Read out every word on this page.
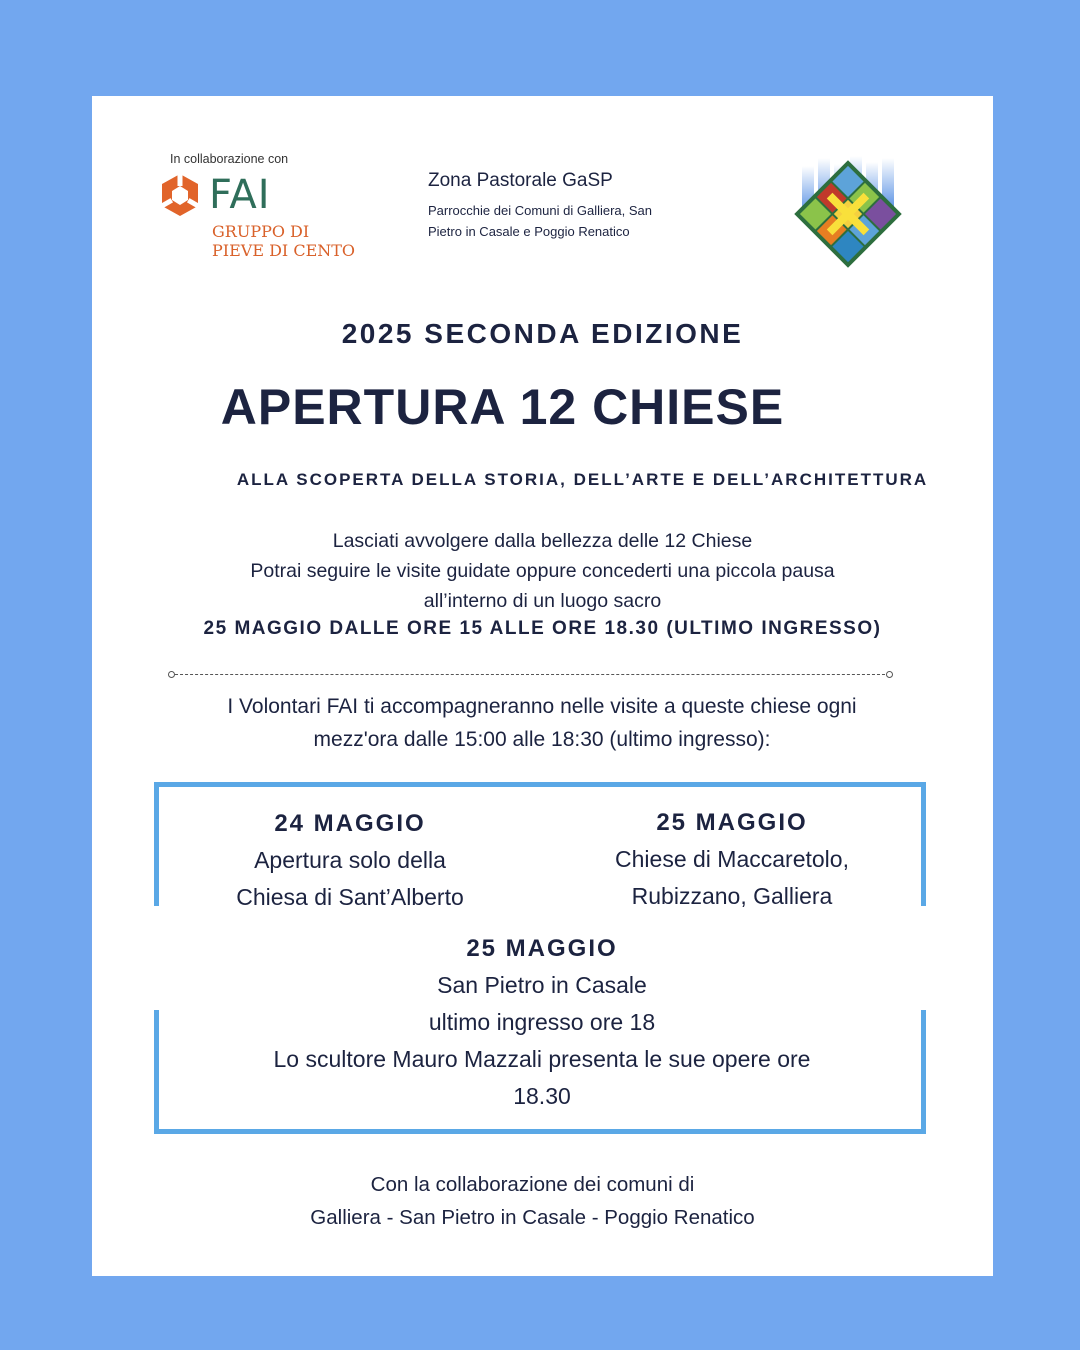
In collaborazione con
FAI
GRUPPO DI
PIEVE DI CENTO
Zona Pastorale GaSP
Parrocchie dei Comuni di Galliera, San Pietro in Casale e Poggio Renatico
2025 SECONDA EDIZIONE
APERTURA 12 CHIESE
ALLA SCOPERTA DELLA STORIA, DELL’ARTE E DELL’ARCHITETTURA
Lasciati avvolgere dalla bellezza delle 12 Chiese
Potrai seguire le visite guidate oppure concederti una piccola pausa
all’interno di un luogo sacro
25 MAGGIO DALLE ORE 15 ALLE ORE 18.30 (ULTIMO INGRESSO)
I Volontari FAI ti accompagneranno nelle visite a queste chiese ogni
mezz'ora dalle 15:00 alle 18:30 (ultimo ingresso):
24 MAGGIO
Apertura solo della
Chiesa di Sant’Alberto
25 MAGGIO
Chiese di Maccaretolo,
Rubizzano, Galliera
25 MAGGIO
San Pietro in Casale
ultimo ingresso ore 18
Lo scultore Mauro Mazzali presenta le sue opere ore
18.30
Con la collaborazione dei comuni di
Galliera - San Pietro in Casale - Poggio Renatico
